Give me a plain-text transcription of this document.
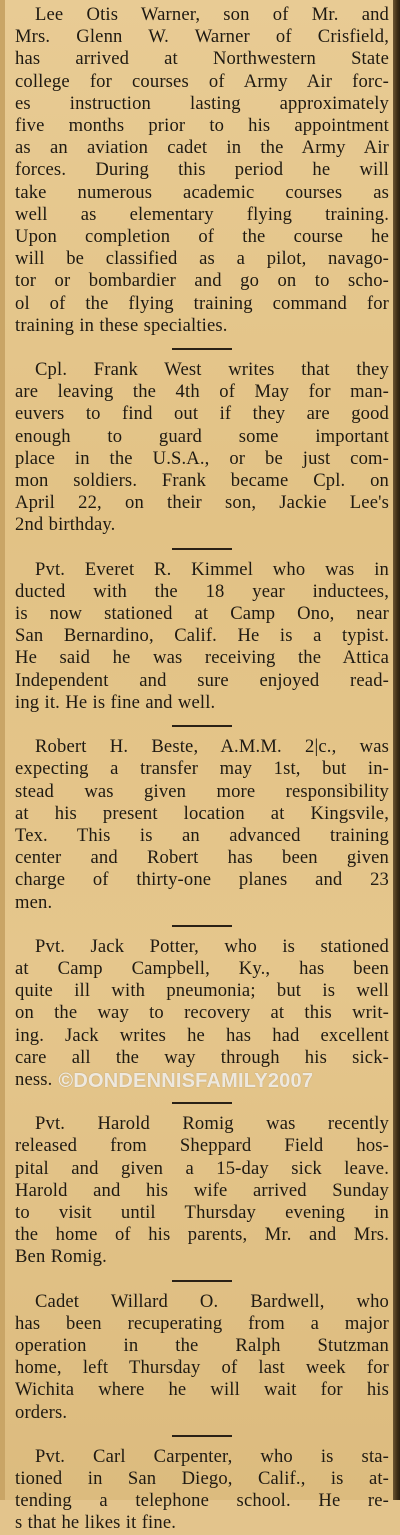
Lee Otis Warner, son of Mr. and
Mrs. Glenn W. Warner of Crisfield,
has arrived at Northwestern State
college for courses of Army Air forc-
es instruction lasting approximately
five months prior to his appointment
as an aviation cadet in the Army Air
forces. During this period he will
take numerous academic courses as
well as elementary flying training.
Upon completion of the course he
will be classified as a pilot, navago-
tor or bombardier and go on to scho-
ol of the flying training command for
training in these specialties.
Cpl. Frank West writes that they
are leaving the 4th of May for man-
euvers to find out if they are good
enough to guard some important
place in the U.S.A., or be just com-
mon soldiers. Frank became Cpl. on
April 22, on their son, Jackie Lee's
2nd birthday.
Pvt. Everet R. Kimmel who was in
ducted with the 18 year inductees,
is now stationed at Camp Ono, near
San Bernardino, Calif. He is a typist.
He said he was receiving the Attica
Independent and sure enjoyed read-
ing it. He is fine and well.
Robert H. Beste, A.M.M. 2|c., was
expecting a transfer may 1st, but in-
stead was given more responsibility
at his present location at Kingsvile,
Tex. This is an advanced training
center and Robert has been given
charge of thirty-one planes and 23
men.
Pvt. Jack Potter, who is stationed
at Camp Campbell, Ky., has been
quite ill with pneumonia; but is well
on the way to recovery at this writ-
ing. Jack writes he has had excellent
care all the way through his sick-
ness.
Pvt. Harold Romig was recently
released from Sheppard Field hos-
pital and given a 15-day sick leave.
Harold and his wife arrived Sunday
to visit until Thursday evening in
the home of his parents, Mr. and Mrs.
Ben Romig.
Cadet Willard O. Bardwell, who
has been recuperating from a major
operation in the Ralph Stutzman
home, left Thursday of last week for
Wichita where he will wait for his
orders.
Pvt. Carl Carpenter, who is sta-
tioned in San Diego, Calif., is at-
tending a telephone school. He re-
s that he likes it fine.
©DONDENNISFAMILY2007
